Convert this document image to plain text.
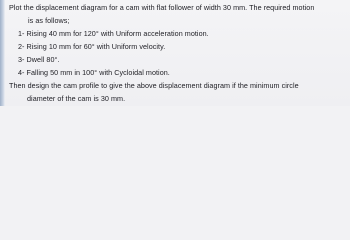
Plot the displacement diagram for a cam with flat follower of width 30 mm. The required motion
is as follows;
1- Rising 40 mm for 120° with Uniform acceleration motion.
2- Rising 10 mm for 60° with Uniform velocity.
3- Dwell 80°.
4- Falling 50 mm in 100° with Cycloidal motion.
Then design the cam profile to give the above displacement diagram if the minimum circle
diameter of the cam is 30 mm.
